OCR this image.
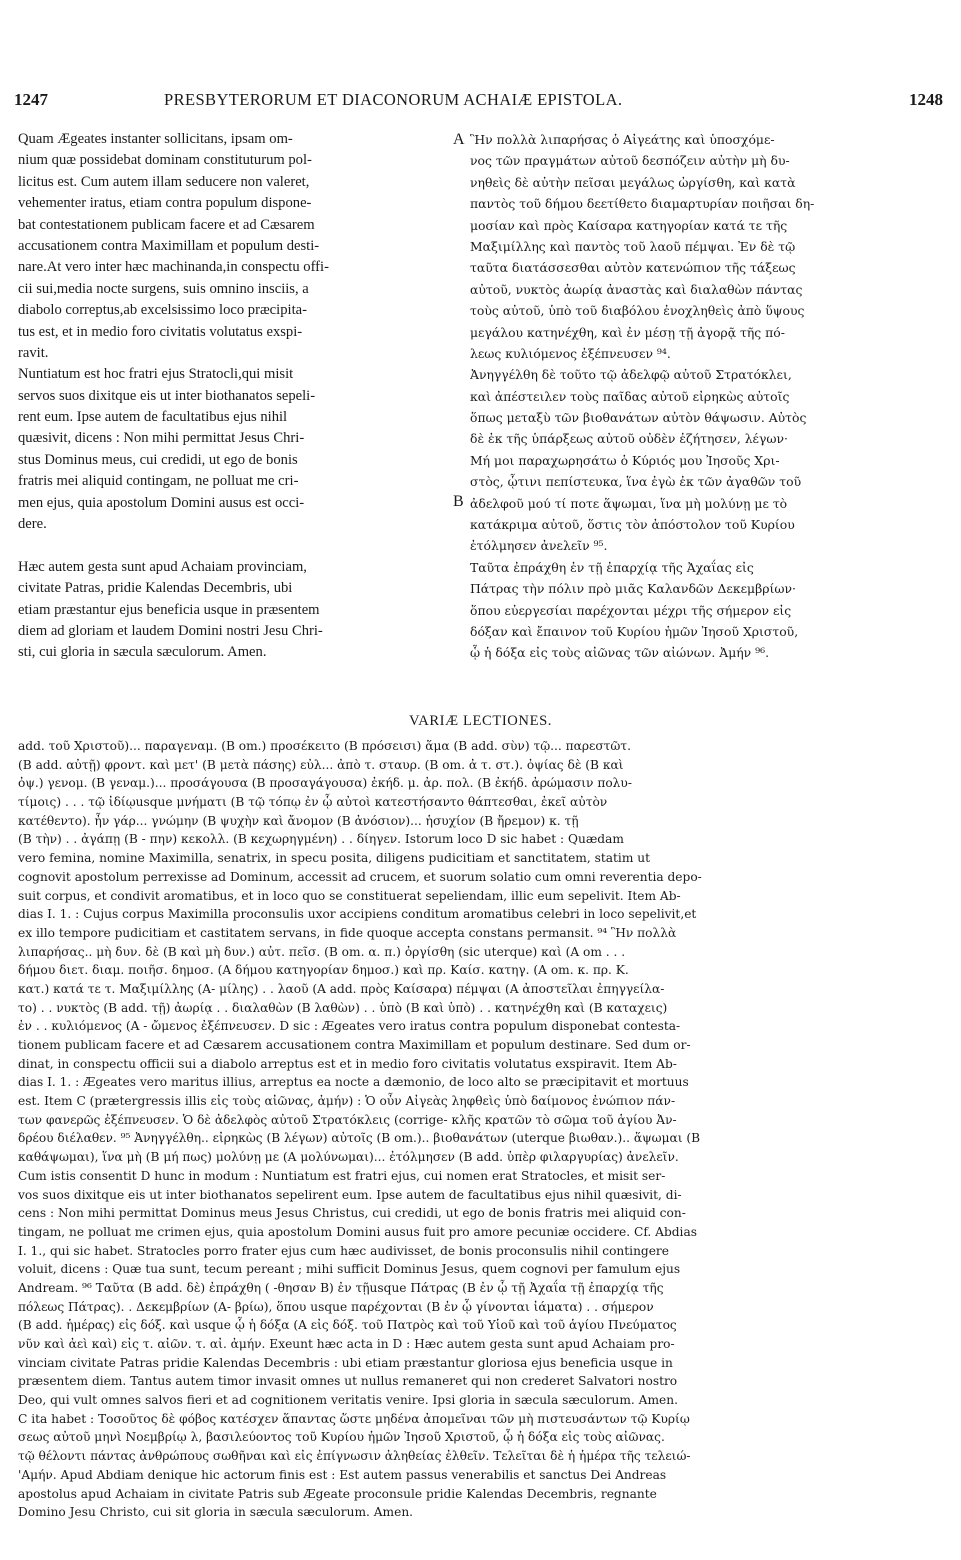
1247	PRESBYTERORUM ET DIACONORUM ACHAIÆ EPISTOLA.	1248
Quam Ægeates instanter sollicitans, ipsam om-
nium quæ possidebat dominam constituturum pol-
licitus est. Cum autem illam seducere non valeret,
vehementer iratus, etiam contra populum dispone-
bat contestationem publicam facere et ad Cæsarem
accusationem contra Maximillam et populum desti-
nare.At vero inter hæc machinanda,in conspectu offi-
cii sui,media nocte surgens, suis omnino insciis, a
diabolo correptus,ab excelsissimo loco præcipita-
tus est, et in medio foro civitatis volutatus exspi-
ravit.
Nuntiatum est hoc fratri ejus Stratocli,qui misit
servos suos dixitque eis ut inter biothanatos sepeli-
rent eum. Ipse autem de facultatibus ejus nihil
quæsivit, dicens : Non mihi permittat Jesus Chri-
stus Dominus meus, cui credidi, ut ego de bonis
fratris mei aliquid contingam, ne polluat me cri-
men ejus, quia apostolum Domini ausus est occi-
dere.
Hæc autem gesta sunt apud Achaiam provinciam,
civitate Patras, pridie Kalendas Decembris, ubi
etiam præstantur ejus beneficia usque in præsentem
diem ad gloriam et laudem Domini nostri Jesu Chri-
sti, cui gloria in sæcula sæculorum. Amen.
Ἣν πολλὰ λιπαρήσας ὁ Αἰγεάτης καὶ ὑποσχόμε-
νος τῶν πραγμάτων αὐτοῦ δεσπόζειν αὐτὴν μὴ δυ-
νηθεὶς δὲ αὐτὴν πεῖσαι μεγάλως ὠργίσθη, καὶ κατὰ
παντὸς τοῦ δήμου δεετίθετο διαμαρτυρίαν ποιῆσαι δη-
μοσίαν καὶ πρὸς Καίσαρα κατηγορίαν κατά τε τῆς
Μαξιμίλλης καὶ παντὸς τοῦ λαοῦ πέμψαι. Ἐν δὲ τῷ
ταῦτα διατάσσεσθαι αὐτὸν κατενώπιον τῆς τάξεως
αὐτοῦ, νυκτὸς ἀωρίᾳ ἀναστὰς καὶ διαλαθὼν πάντας
τοὺς αὐτοῦ, ὑπὸ τοῦ διαβόλου ἐνοχληθεὶς ἀπὸ ὕψους
μεγάλου κατηνέχθη, καὶ ἐν μέσῃ τῇ ἀγορᾷ τῆς πό-
λεως κυλιόμενος ἐξέπνευσεν ⁹⁴.
Ἀνηγγέλθη δὲ τοῦτο τῷ ἀδελφῷ αὐτοῦ Στρατόκλει,
καὶ ἀπέστειλεν τοὺς παῖδας αὐτοῦ εἰρηκὼς αὐτοῖς
ὅπως μεταξὺ τῶν βιοθανάτων αὐτὸν θάψωσιν. Αὐτὸς
δὲ ἐκ τῆς ὑπάρξεως αὐτοῦ οὐδὲν ἐζήτησεν, λέγων·
Μή μοι παραχωρησάτω ὁ Κύριός μου Ἰησοῦς Χρι-
στὸς, ᾧτινι πεπίστευκα, ἵνα ἐγὼ ἐκ τῶν ἀγαθῶν τοῦ
ἀδελφοῦ μού τί ποτε ἅψωμαι, ἵνα μὴ μολύνῃ με τὸ
κατάκριμα αὐτοῦ, ὅστις τὸν ἀπόστολον τοῦ Κυρίου
ἐτόλμησεν ἀνελεῖν ⁹⁵.
Ταῦτα ἐπράχθη ἐν τῇ ἐπαρχίᾳ τῆς Ἀχαΐας εἰς
Πάτρας τὴν πόλιν πρὸ μιᾶς Καλανδῶν Δεκεμβρίων·
ὅπου εὐεργεσίαι παρέχονται μέχρι τῆς σήμερον εἰς
δόξαν καὶ ἔπαινον τοῦ Κυρίου ἡμῶν Ἰησοῦ Χριστοῦ,
ᾧ ἡ δόξα εἰς τοὺς αἰῶνας τῶν αἰώνων. Ἀμήν ⁹⁶.
A
B
VARIÆ LECTIONES.
add. τοῦ Χριστοῦ)... παραγεναμ. (B om.) προσέκειτο (B πρόσεισι) ἅμα (B add. σὺν) τῷ... παρεστῶτ.
(B add. αὐτῇ) φροντ. καὶ μετ' (B μετὰ πάσης) εὐλ... ἀπὸ τ. σταυρ. (B om. ἀ τ. στ.). ὀψίας δὲ (B καὶ
ὀψ.) γενομ. (B γεναμ.)... προσάγουσα (B προσαγάγουσα) ἐκήδ. μ. ἀρ. πολ. (B ἐκήδ. ἀρώμασιν πολυ-
τίμοις) . . . τῷ ἰδίῳusque μνήματι (B τῷ τόπῳ ἐν ᾧ αὐτοὶ κατεστήσαντο θάπτεσθαι, ἐκεῖ αὐτὸν
κατέθεντο). ἦν γάρ... γνώμην (B ψυχὴν καὶ ἄνομον (B ἀνόσιον)... ἡσυχίον (B ἤρεμον) κ. τῇ
(B τὴν) . . ἀγάπῃ (B - πην) κεκολλ. (B κεχωρηγμένη) . . δίηγεν. Istorum loco D sic habet : Quædam
vero femina, nomine Maximilla, senatrix, in specu posita, diligens pudicitiam et sanctitatem, statim ut
cognovit apostolum perrexisse ad Dominum, accessit ad crucem, et suorum solatio cum omni reverentia depo-
suit corpus, et condivit aromatibus, et in loco quo se constituerat sepeliendam, illic eum sepelivit. Item Ab-
dias I. 1. : Cujus corpus Maximilla proconsulis uxor accipiens conditum aromatibus celebri in loco sepelivit,et
ex illo tempore pudicitiam et castitatem servans, in fide quoque accepta constans permansit. ⁹⁴ Ἣν πολλὰ
λιπαρήσας.. μὴ δυν. δὲ (B καὶ μὴ δυν.) αὐτ. πεῖσ. (B om. α. π.) ὀργίσθη (sic uterque) καὶ (A om . . .
δήμου διετ. διαμ. ποιῆσ. δημοσ. (A δήμου κατηγορίαν δημοσ.) καὶ πρ. Καίσ. κατηγ. (A om. κ. πρ. Κ.
κατ.) κατά τε τ. Μαξιμίλλης (A- μίλης) . . λαοῦ (A add. πρὸς Καίσαρα) πέμψαι (A ἀποστεῖλαι ἐπηγγείλα-
το) . . νυκτὸς (B add. τῇ) ἀωρίᾳ . . διαλαθὼν (B λαθὼν) . . ὑπὸ (B καὶ ὑπὸ) . . κατηνέχθη καὶ (B καταχεις)
ἐν . . κυλιόμενος (A - ὤμενος ἐξέπνευσεν. D sic : Ægeates vero iratus contra populum disponebat contesta-
tionem publicam facere et ad Cæsarem accusationem contra Maximillam et populum destinare. Sed dum or-
dinat, in conspectu officii sui a diabolo arreptus est et in medio foro civitatis volutatus exspiravit. Item Ab-
dias I. 1. : Ægeates vero maritus illius, arreptus ea nocte a dæmonio, de loco alto se præcipitavit et mortuus
est. Item C (prætergressis illis εἰς τοὺς αἰῶνας, ἀμήν) : Ὁ οὖν Αἰγεὰς ληφθεὶς ὑπὸ δαίμονος ἐνώπιον πάν-
των φανερῶς ἐξέπνευσεν. Ὁ δὲ ἀδελφὸς αὐτοῦ Στρατόκλεις (corrige- κλῆς κρατῶν τὸ σῶμα τοῦ ἁγίου Ἀν-
δρέου διέλαθεν. ⁹⁵ Ἀνηγγέλθη.. εἰρηκὼς (B λέγων) αὐτοῖς (B om.).. βιοθανάτων (uterque βιωθαν.).. ἅψωμαι (B
καθάψωμαι), ἵνα μὴ (B μή πως) μολύνῃ με (A μολύνωμαι)... ἐτόλμησεν (B add. ὑπὲρ φιλαργυρίας) ἀνελεῖν.
Cum istis consentit D hunc in modum : Nuntiatum est fratri ejus, cui nomen erat Stratocles, et misit ser-
vos suos dixitque eis ut inter biothanatos sepelirent eum. Ipse autem de facultatibus ejus nihil quæsivit, di-
cens : Non mihi permittat Dominus meus Jesus Christus, cui credidi, ut ego de bonis fratris mei aliquid con-
tingam, ne polluat me crimen ejus, quia apostolum Domini ausus fuit pro amore pecuniæ occidere. Cf. Abdias
I. 1., qui sic habet. Stratocles porro frater ejus cum hæc audivisset, de bonis proconsulis nihil contingere
voluit, dicens : Quæ tua sunt, tecum pereant ; mihi sufficit Dominus Jesus, quem cognovi per famulum ejus
Andream. ⁹⁶ Ταῦτα (B add. δὲ) ἐπράχθη ( -θησαν B) ἐν τῇusque Πάτρας (B ἐν ᾧ τῇ Ἀχαΐα τῇ ἐπαρχίᾳ τῆς
πόλεως Πάτρας). . Δεκεμβρίων (A- βρίω), ὅπου usque παρέχονται (B ἐν ᾧ γίνονται ἰάματα) . . σήμερον
(B add. ἡμέρας) εἰς δόξ. καὶ usque ᾧ ἡ δόξα (A εἰς δόξ. τοῦ Πατρὸς καὶ τοῦ Υἱοῦ καὶ τοῦ ἁγίου Πνεύματος
νῦν καὶ ἀεὶ καὶ) εἰς τ. αἰῶν. τ. αἰ. ἀμήν. Exeunt hæc acta in D : Hæc autem gesta sunt apud Achaiam pro-
vinciam civitate Patras pridie Kalendas Decembris : ubi etiam præstantur gloriosa ejus beneficia usque in
præsentem diem. Tantus autem timor invasit omnes ut nullus remaneret qui non crederet Salvatori nostro
Deo, qui vult omnes salvos fieri et ad cognitionem veritatis venire. Ipsi gloria in sæcula sæculorum. Amen.
C ita habet : Τοσοῦτος δὲ φόβος κατέσχεν ἅπαντας ὥστε μηδένα ἀπομεῖναι τῶν μὴ πιστευσάντων τῷ Κυρίῳ
σεως αὐτοῦ μηνὶ Νοεμβρίῳ λ, βασιλεύοντος τοῦ Κυρίου ἡμῶν Ἰησοῦ Χριστοῦ, ᾧ ἡ δόξα εἰς τοὺς αἰῶνας.
τῷ θέλοντι πάντας ἀνθρώπους σωθῆναι καὶ εἰς ἐπίγνωσιν ἀληθείας ἐλθεῖν. Τελεῖται δὲ ἡ ἡμέρα τῆς τελειώ-
'Αμήν. Apud Abdiam denique hic actorum finis est : Est autem passus venerabilis et sanctus Dei Andreas
apostolus apud Achaiam in civitate Patris sub Ægeate proconsule pridie Kalendas Decembris, regnante
Domino Jesu Christo, cui sit gloria in sæcula sæculorum. Amen.
